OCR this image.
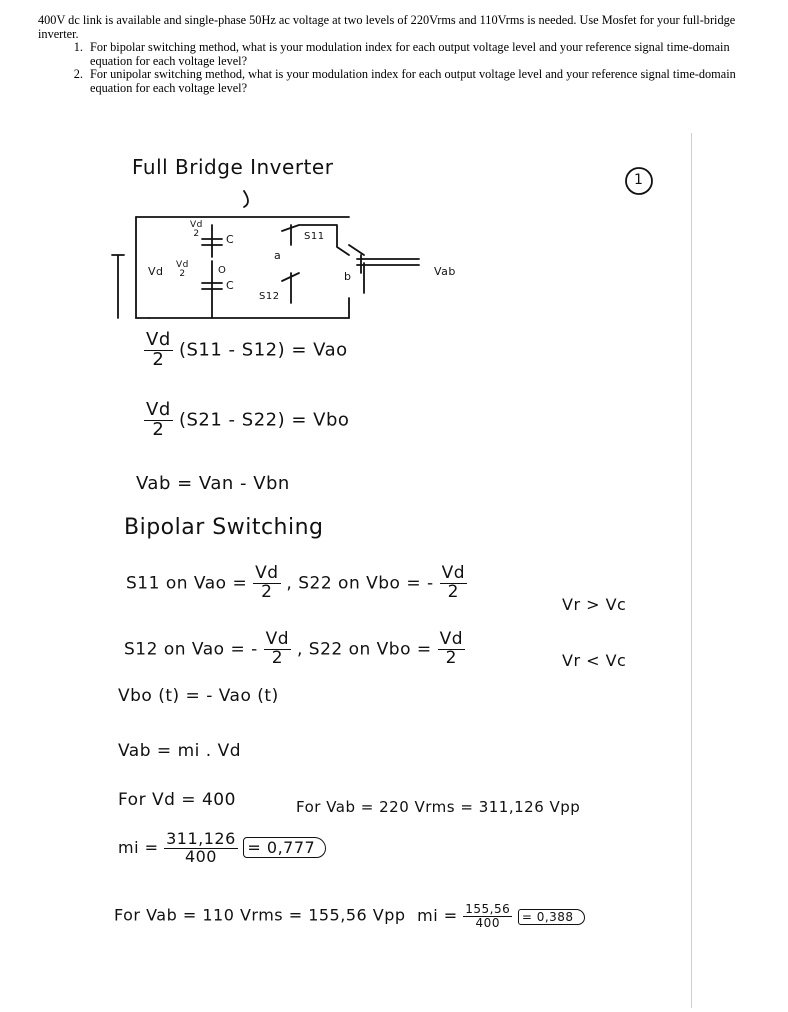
400V dc link is available and single-phase 50Hz ac voltage at two levels of 220Vrms and 110Vrms is needed. Use Mosfet for your full-bridge inverter.
1. For bipolar switching method, what is your modulation index for each output voltage level and your reference signal time-domain equation for each voltage level?
2. For unipolar switching method, what is your modulation index for each output voltage level and your reference signal time-domain equation for each voltage level?
Full Bridge Inverter
1
Vd
2	C
a
S11
Vd Vd
2	O
C
b
S12
Vab
$\frac{Vd}{2} (S11 - S12)$ = Vao
$\frac{Vd}{2} (S21 - S22)$ = Vbo
Vab = Van - Vbn
Bipolar Switching
S11 on Vao = $\frac{Vd}{2}$ , S22 on Vbo = - $\frac{Vd}{2}$
Vr > Vc
S12 on Vao = - $\frac{Vd}{2}$ , S22 on Vbo = $\frac{Vd}{2}$	Vr < Vc
Vbo (t) = - Vao (t)
Vab = mi . Vd
For Vd = 400	For Vab = 220 Vrms = 311,126 Vpp
mi = $\frac{311,126}{400} = 0,777$
For Vab = 110 Vrms = 155,56 Vpp mi = $\frac{155,56}{400} = 0,388$
